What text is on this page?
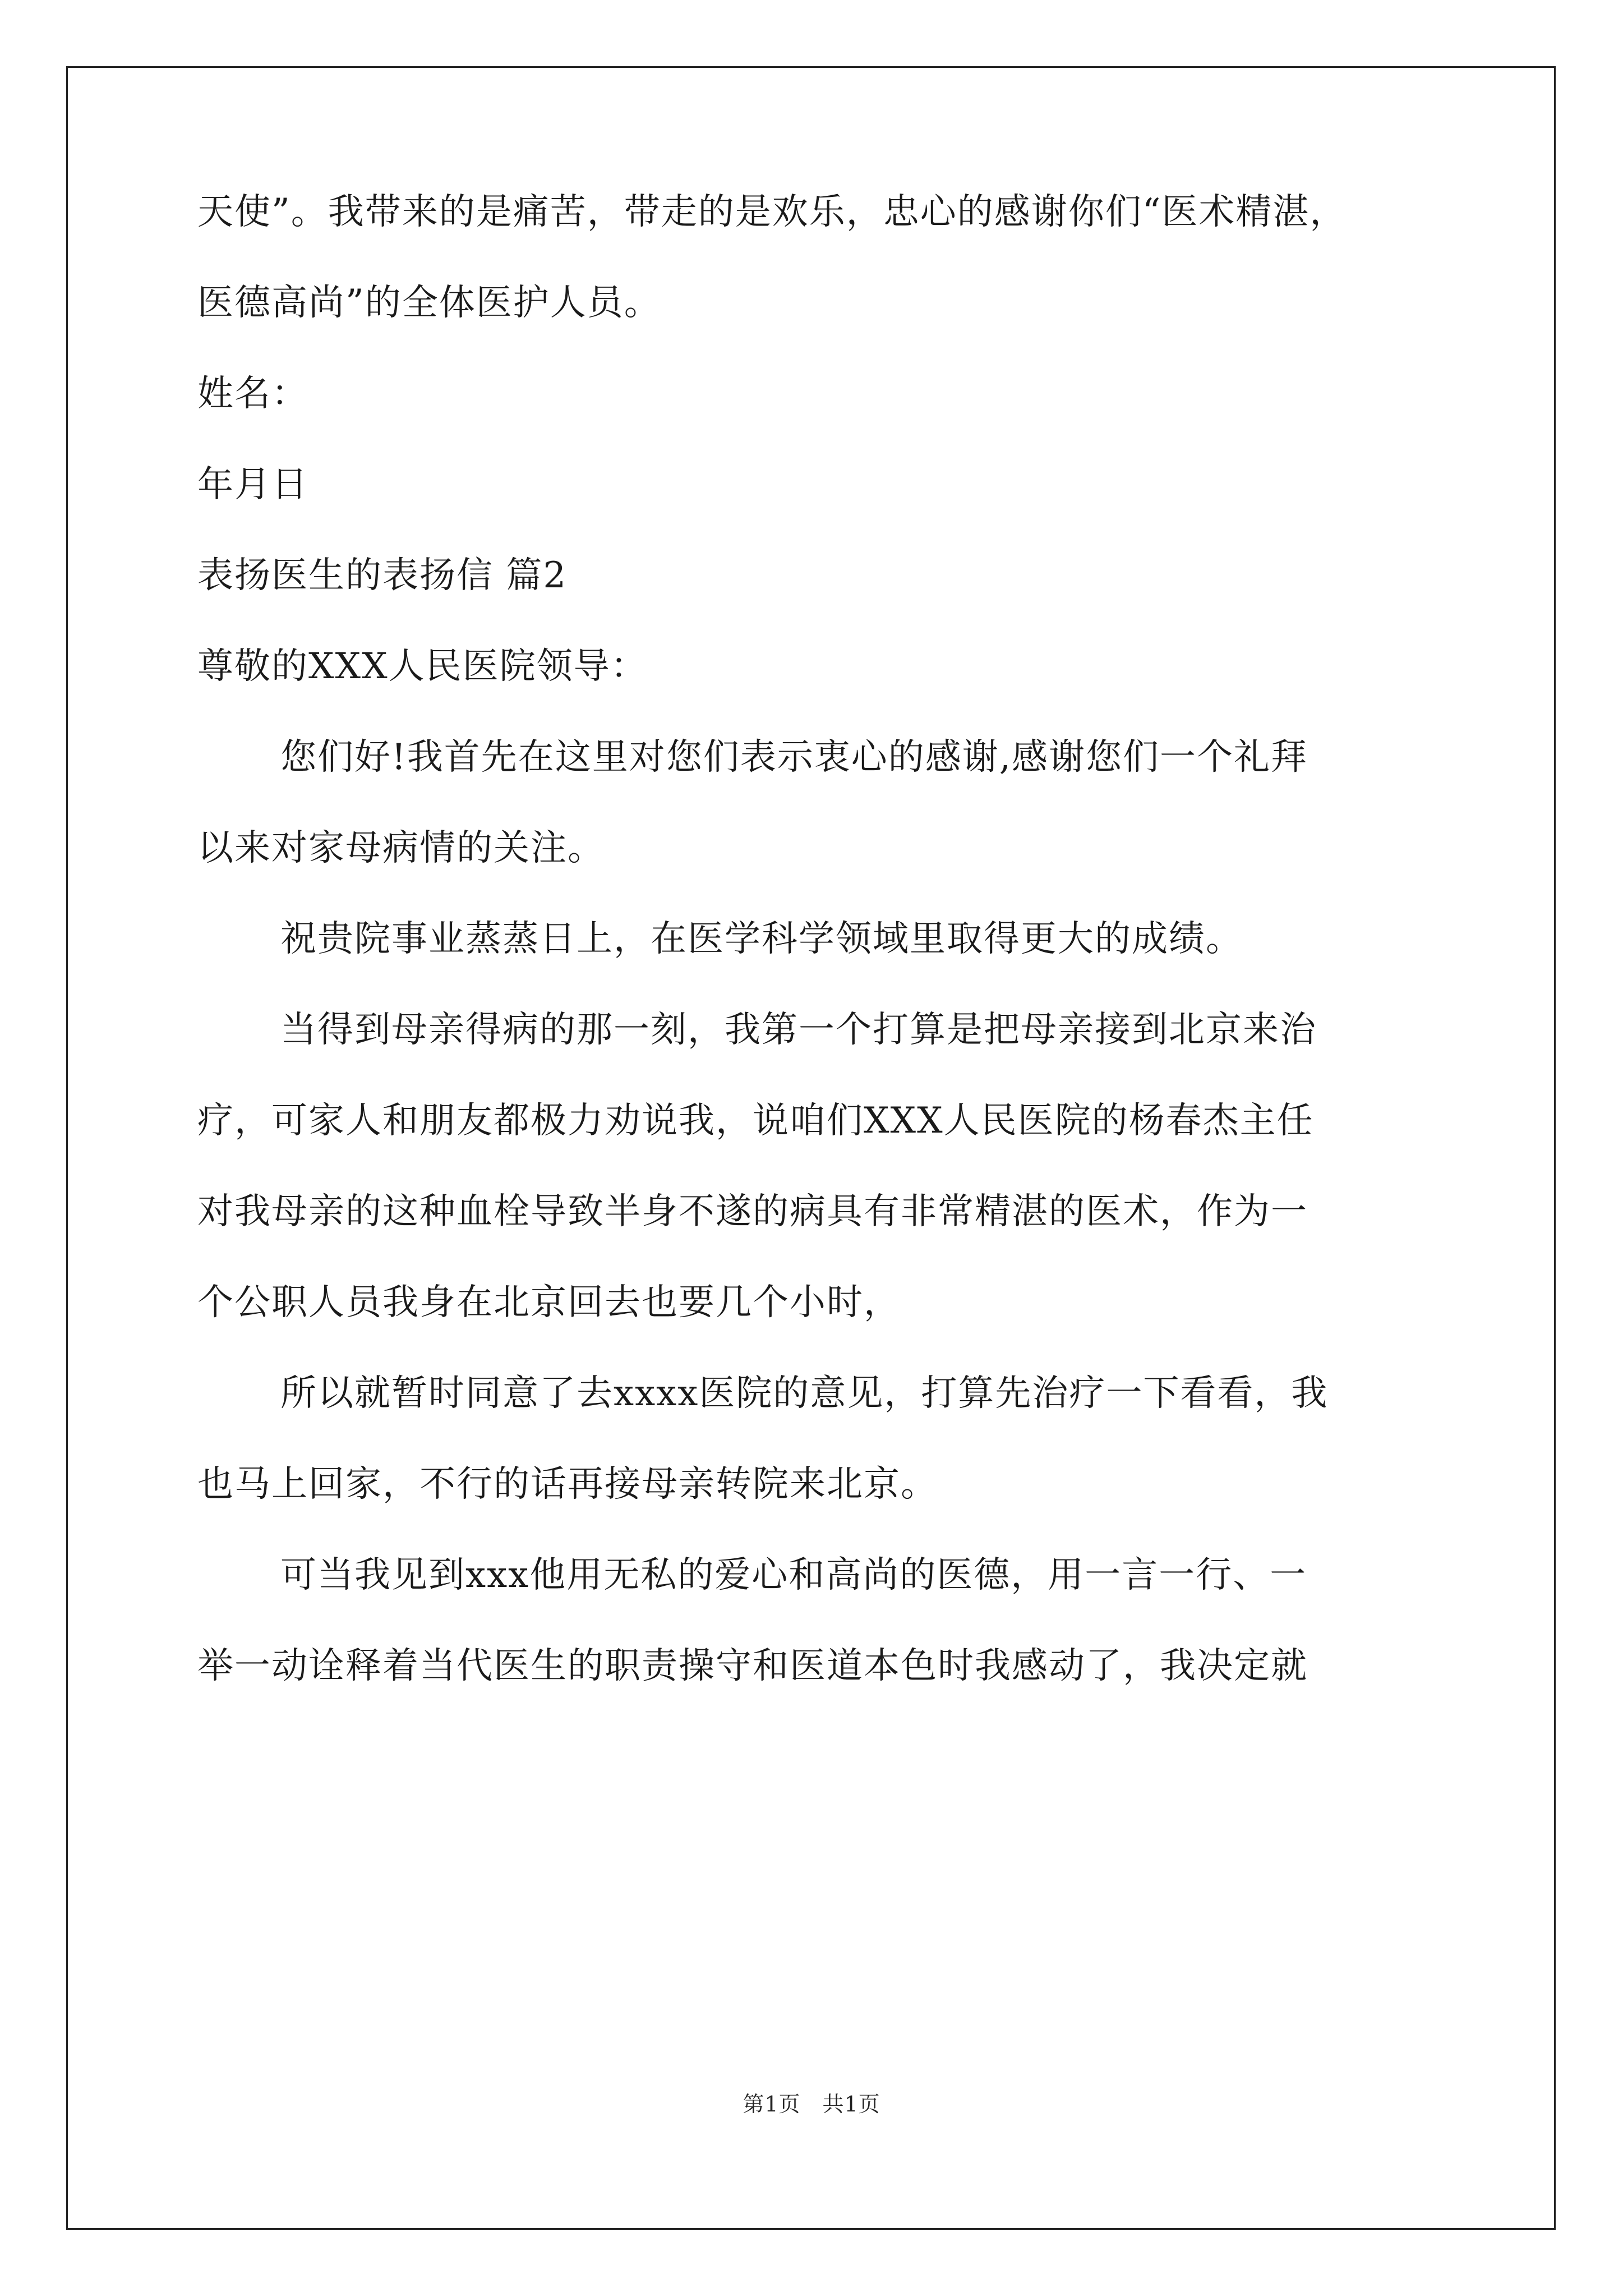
天使”。我带来的是痛苦，带走的是欢乐，忠心的感谢你们“医术精湛，

医德高尚”的全体医护人员。

姓名：

年月日

表扬医生的表扬信 篇2

尊敬的XXX人民医院领导：

您们好!我首先在这里对您们表示衷心的感谢,感谢您们一个礼拜

以来对家母病情的关注。

祝贵院事业蒸蒸日上，在医学科学领域里取得更大的成绩。

当得到母亲得病的那一刻，我第一个打算是把母亲接到北京来治

疗，可家人和朋友都极力劝说我，说咱们XXX人民医院的杨春杰主任

对我母亲的这种血栓导致半身不遂的病具有非常精湛的医术，作为一

个公职人员我身在北京回去也要几个小时，

所以就暂时同意了去xxxx医院的意见，打算先治疗一下看看，我

也马上回家，不行的话再接母亲转院来北京。

可当我见到xxx他用无私的爱心和高尚的医德，用一言一行、一

举一动诠释着当代医生的职责操守和医道本色时我感动了，我决定就

第1页　共1页
